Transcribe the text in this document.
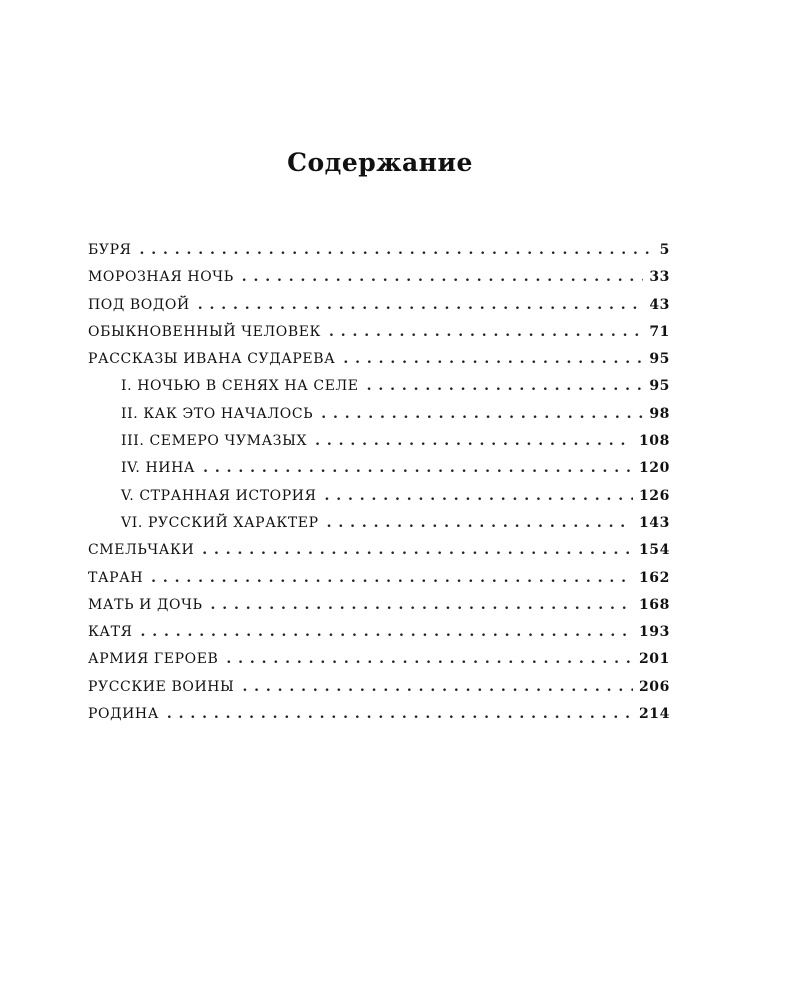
Содержание
БУРЯ . . .	5
МОРОЗНАЯ НОЧЬ . . .	33
ПОД ВОДОЙ . . .	43
ОБЫКНОВЕННЫЙ ЧЕЛОВЕК . . .	71
РАССКАЗЫ ИВАНА СУДАРЕВА . . .	95
I. НОЧЬЮ В СЕНЯХ НА СЕЛЕ . . .	95
II. КАК ЭТО НАЧАЛОСЬ . . .	98
III. СЕМЕРО ЧУМАЗЫХ . . .	108
IV. НИНА . . .	120
V. СТРАННАЯ ИСТОРИЯ . . .	126
VI. РУССКИЙ ХАРАКТЕР . . .	143
СМЕЛЬЧАКИ . . .	154
ТАРАН . . .	162
МАТЬ И ДОЧЬ . . .	168
КАТЯ . . .	193
АРМИЯ ГЕРОЕВ . . .	201
РУССКИЕ ВОИНЫ . . .	206
РОДИНА . . .	214
